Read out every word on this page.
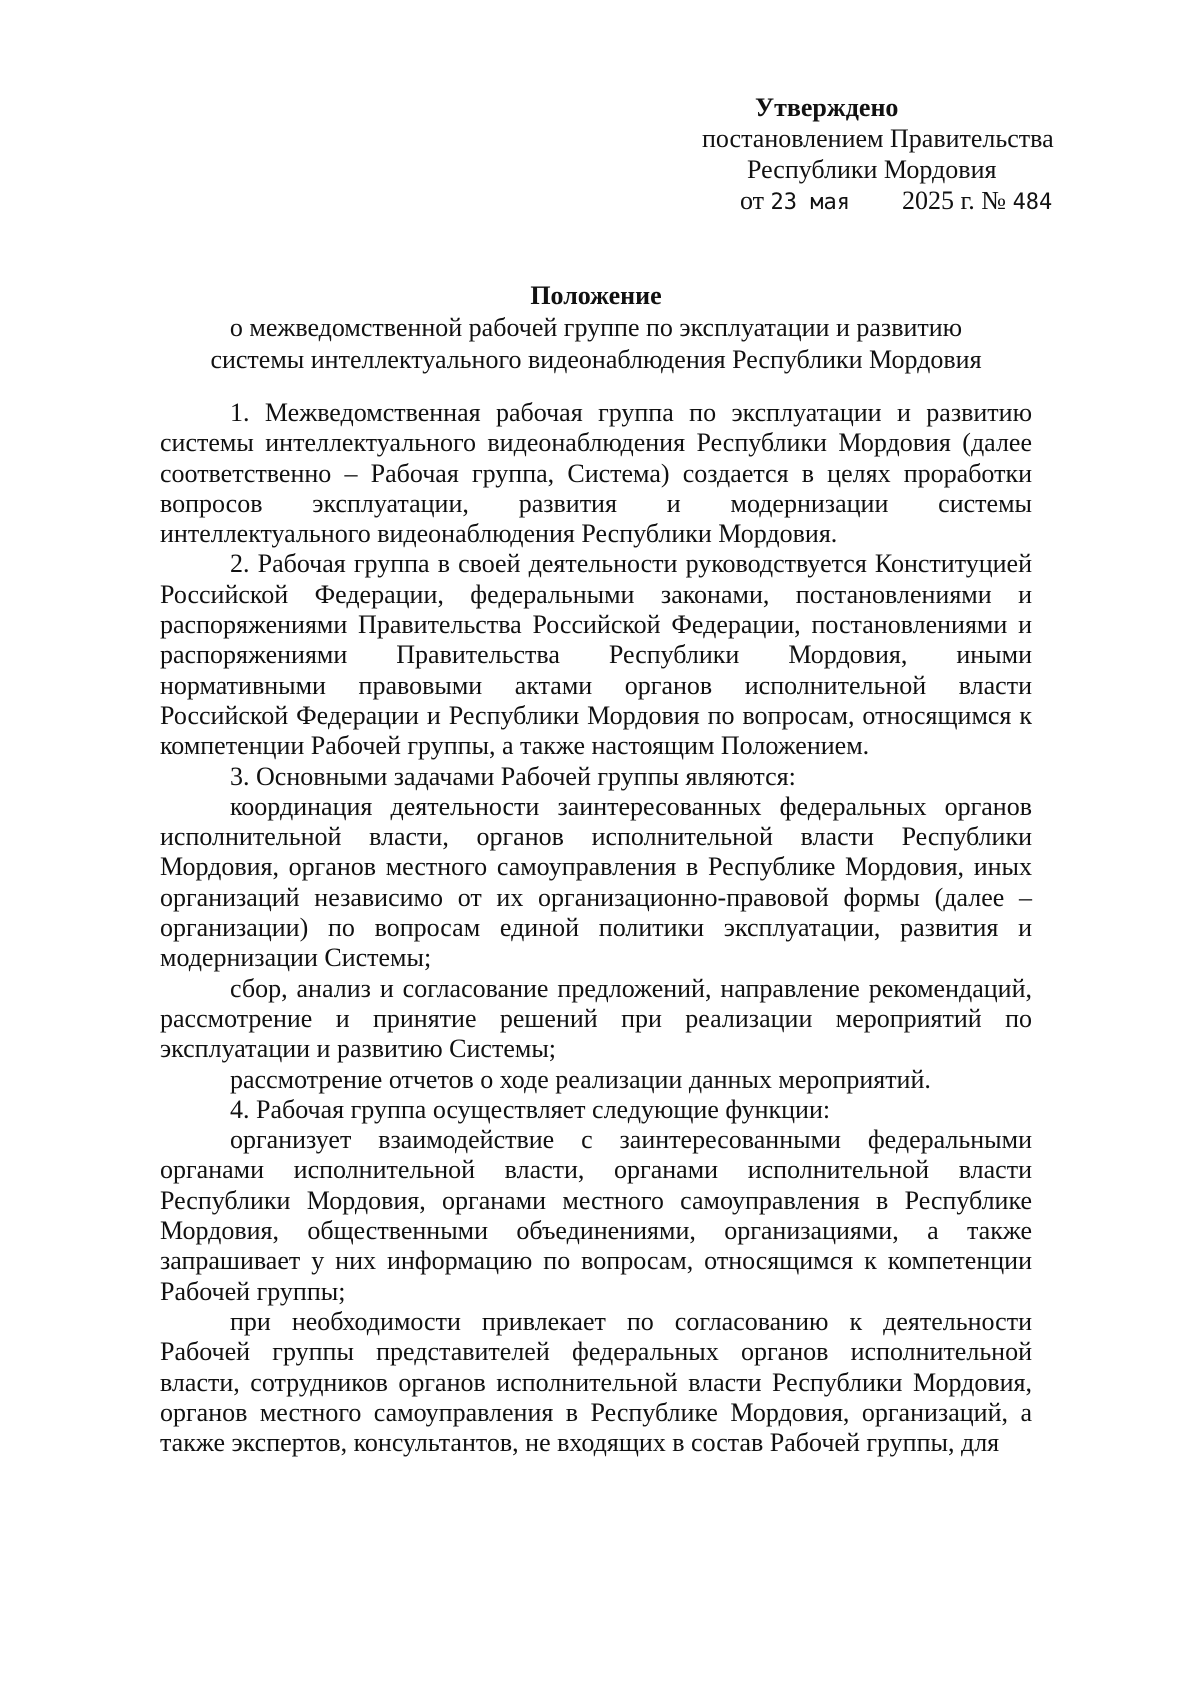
Утверждено
постановлением Правительства
Республики Мордовия
от 23 мая 2025 г. № 484
Положение
о межведомственной рабочей группе по эксплуатации и развитию
системы интеллектуального видеонаблюдения Республики Мордовия

1. Межведомственная рабочая группа по эксплуатации и развитию системы интеллектуального видеонаблюдения Республики Мордовия (далее соответственно – Рабочая группа, Система) создается в целях проработки вопросов эксплуатации, развития и модернизации системы интеллектуального видеонаблюдения Республики Мордовия.

2. Рабочая группа в своей деятельности руководствуется Конституцией Российской Федерации, федеральными законами, постановлениями и распоряжениями Правительства Российской Федерации, постановлениями и распоряжениями Правительства Республики Мордовия, иными нормативными правовыми актами органов исполнительной власти Российской Федерации и Республики Мордовия по вопросам, относящимся к компетенции Рабочей группы, а также настоящим Положением.

3. Основными задачами Рабочей группы являются:

координация деятельности заинтересованных федеральных органов исполнительной власти, органов исполнительной власти Республики Мордовия, органов местного самоуправления в Республике Мордовия, иных организаций независимо от их организационно-правовой формы (далее – организации) по вопросам единой политики эксплуатации, развития и модернизации Системы;

сбор, анализ и согласование предложений, направление рекомендаций, рассмотрение и принятие решений при реализации мероприятий по эксплуатации и развитию Системы;

рассмотрение отчетов о ходе реализации данных мероприятий.

4. Рабочая группа осуществляет следующие функции:

организует взаимодействие с заинтересованными федеральными органами исполнительной власти, органами исполнительной власти Республики Мордовия, органами местного самоуправления в Республике Мордовия, общественными объединениями, организациями, а также запрашивает у них информацию по вопросам, относящимся к компетенции Рабочей группы;

при необходимости привлекает по согласованию к деятельности Рабочей группы представителей федеральных органов исполнительной власти, сотрудников органов исполнительной власти Республики Мордовия, органов местного самоуправления в Республике Мордовия, организаций, а также экспертов, консультантов, не входящих в состав Рабочей группы, для
